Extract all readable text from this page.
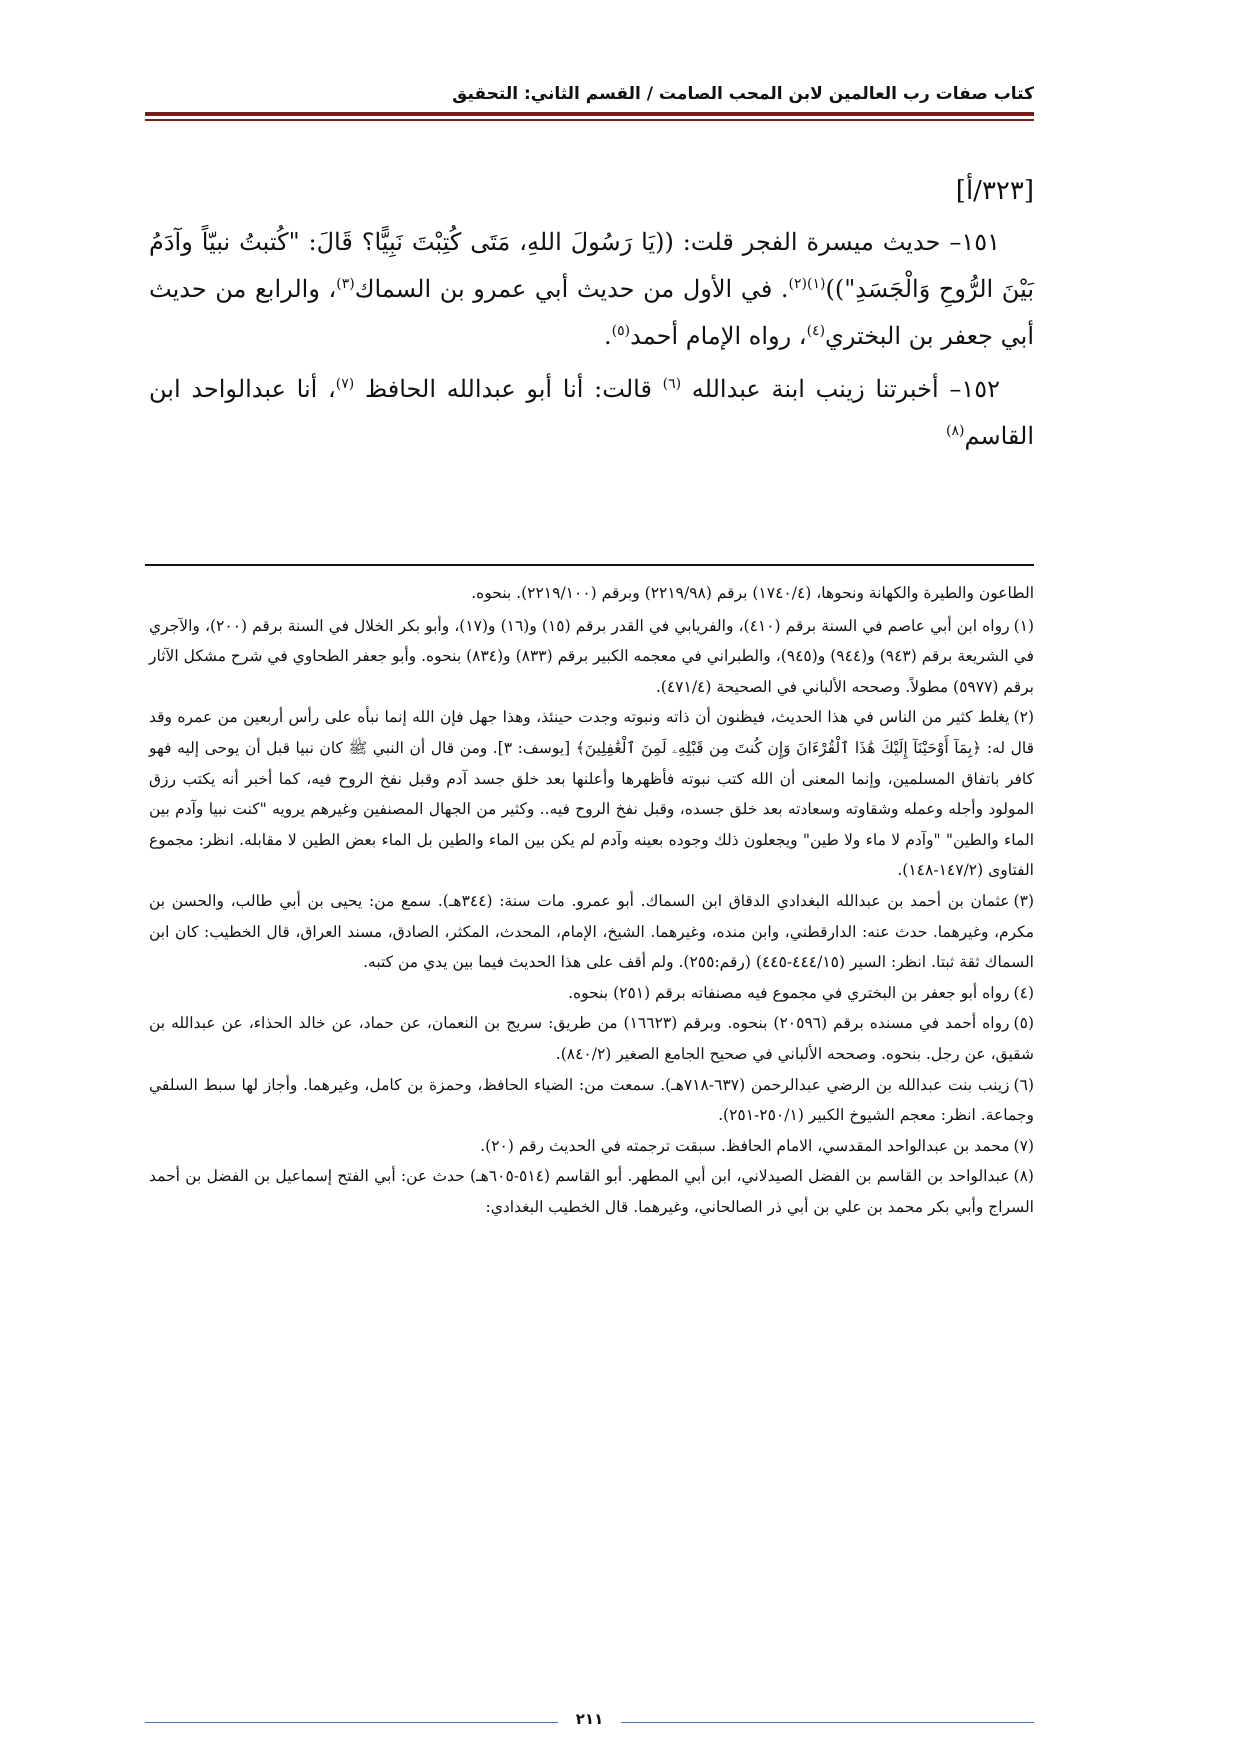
كتاب صفات رب العالمين لابن المحب الصامت / القسم الثاني: التحقيق
[٣٢٣/أ]

١٥١– حديث ميسرة الفجر قلت: ((يَا رَسُولَ اللهِ، مَتَى كُتِبْتَ نَبِيًّا؟ قَالَ: "كُتبتُ نبيّاً وآدَمُ بَيْنَ الرُّوحِ وَالْجَسَدِ"))$^{(١)(٢)}$. في الأول من حديث أبي عمرو بن السماك$^{(٣)}$، والرابع من حديث أبي جعفر بن البختري$^{(٤)}$، رواه الإمام أحمد$^{(٥)}$.

١٥٢– أخبرتنا زينب ابنة عبدالله $^{(٦)}$ قالت: أنا أبو عبدالله الحافظ $^{(٧)}$، أنا عبدالواحد ابن القاسم$^{(٨)}$

الطاعون والطيرة والكهانة ونحوها، (١٧٤٠/٤) برقم (٢٢١٩/٩٨) وبرقم (٢٢١٩/١٠٠). بنحوه.

(١)رواه ابن أبي عاصم في السنة برقم (٤١٠)، والفريابي في القدر برقم (١٥) و(١٦) و(١٧)، وأبو بكر الخلال في السنة برقم (٢٠٠)، والآجري في الشريعة برقم (٩٤٣) و(٩٤٤) و(٩٤٥)، والطبراني في معجمه الكبير برقم (٨٣٣) و(٨٣٤) بنحوه. وأبو جعفر الطحاوي في شرح مشكل الآثار برقم (٥٩٧٧) مطولاً. وصححه الألباني في الصحيحة (٤٧١/٤).

(٢)يغلط كثير من الناس في هذا الحديث، فيظنون أن ذاته ونبوته وجدت حينئذ، وهذا جهل فإن الله إنما نبأه على رأس أربعين من عمره وقد قال له: ﴿بِمَآ أَوْحَيْنَآ إِلَيْكَ هَٰذَا ٱلْقُرْءَانَ وَإِن كُنتَ مِن قَبْلِهِۦ لَمِنَ ٱلْغَٰفِلِينَ﴾ [يوسف: ٣]. ومن قال أن النبي ﷺ كان نبيا قبل أن يوحى إليه فهو كافر باتفاق المسلمين، وإنما المعنى أن الله كتب نبوته فأظهرها وأعلنها بعد خلق جسد آدم وقبل نفخ الروح فيه، كما أخبر أنه يكتب رزق المولود وأجله وعمله وشقاوته وسعادته بعد خلق جسده، وقبل نفخ الروح فيه.. وكثير من الجهال المصنفين وغيرهم يرويه "كنت نبيا وآدم بين الماء والطين" "وآدم لا ماء ولا طين" ويجعلون ذلك وجوده بعينه وآدم لم يكن بين الماء والطين بل الماء بعض الطين لا مقابله. انظر: مجموع الفتاوى (١٤٧/٢-١٤٨).

(٣)عثمان بن أحمد بن عبدالله البغدادي الدقاق ابن السماك. أبو عمرو. مات سنة: (٣٤٤هـ). سمع من: يحيى بن أبي طالب، والحسن بن مكرم، وغيرهما. حدث عنه: الدارقطني، وابن منده، وغيرهما. الشيخ، الإمام، المحدث، المكثر، الصادق، مسند العراق، قال الخطيب: كان ابن السماك ثقة ثبتا. انظر: السير (٤٤٤/١٥-٤٤٥) (رقم:٢٥٥). ولم أقف على هذا الحديث فيما بين يدي من كتبه.

(٤)رواه أبو جعفر بن البختري في مجموع فيه مصنفاته برقم (٢٥١) بنحوه.

(٥)رواه أحمد في مسنده برقم (٢٠٥٩٦) بنحوه. وبرقم (١٦٦٢٣) من طريق: سريج بن النعمان، عن حماد، عن خالد الحذاء، عن عبدالله بن شقيق، عن رجل. بنحوه. وصححه الألباني في صحيح الجامع الصغير (٨٤٠/٢).

(٦)زينب بنت عبدالله بن الرضي عبدالرحمن (٦٣٧-٧١٨هـ). سمعت من: الضياء الحافظ، وحمزة بن كامل، وغيرهما. وأجاز لها سبط السلفي وجماعة. انظر: معجم الشيوخ الكبير (٢٥٠/١-٢٥١).

(٧)محمد بن عبدالواحد المقدسي، الامام الحافظ. سبقت ترجمته في الحديث رقم (٢٠).

(٨)عبدالواحد بن القاسم بن الفضل الصيدلاني، ابن أبي المطهر. أبو القاسم (٥١٤-٦٠٥هـ) حدث عن: أبي الفتح إسماعيل بن الفضل بن أحمد السراج وأبي بكر محمد بن علي بن أبي ذر الصالحاني، وغيرهما. قال الخطيب البغدادي:

٢١١
